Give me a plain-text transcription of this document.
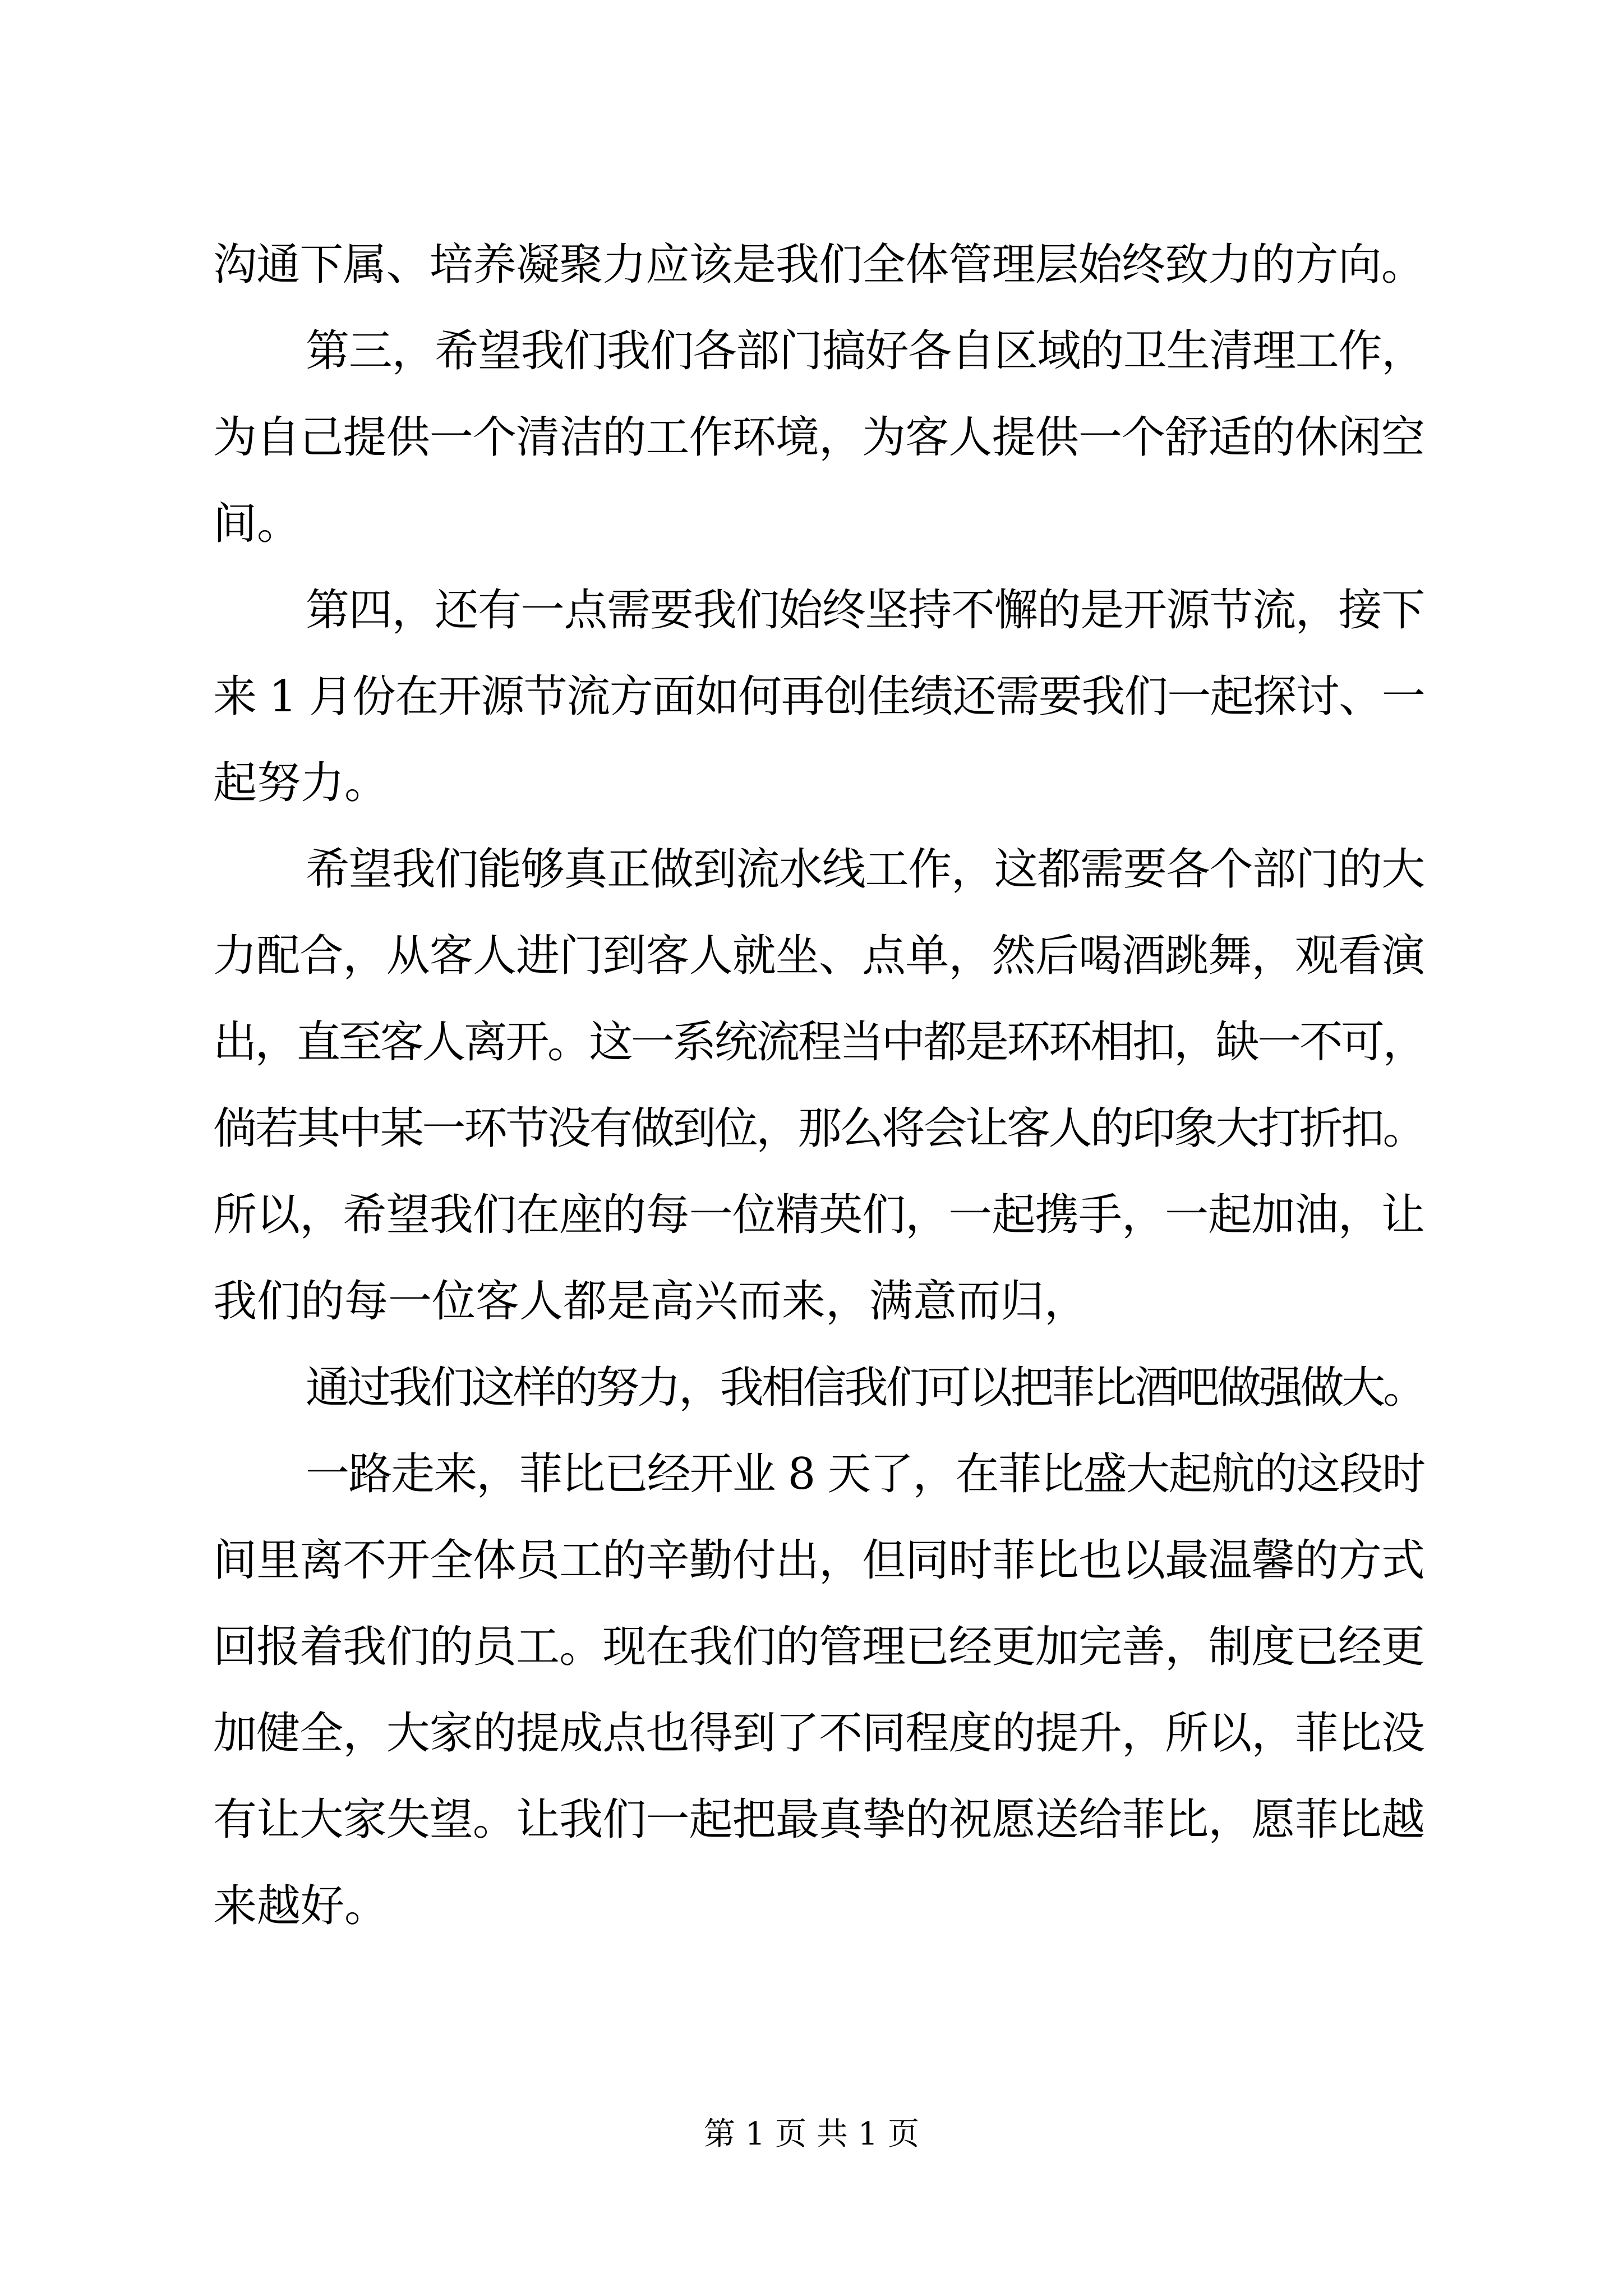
沟通下属、培养凝聚力应该是我们全体管理层始终致力的方向。
第三，希望我们我们各部门搞好各自区域的卫生清理工作，
为自己提供一个清洁的工作环境，为客人提供一个舒适的休闲空
间。
第四，还有一点需要我们始终坚持不懈的是开源节流，接下
来 1 月份在开源节流方面如何再创佳绩还需要我们一起探讨、一
起努力。
希望我们能够真正做到流水线工作，这都需要各个部门的大
力配合，从客人进门到客人就坐、点单，然后喝酒跳舞，观看演
出，直至客人离开。这一系统流程当中都是环环相扣，缺一不可，
倘若其中某一环节没有做到位，那么将会让客人的印象大打折扣。
所以，希望我们在座的每一位精英们，一起携手，一起加油，让
我们的每一位客人都是高兴而来，满意而归，
通过我们这样的努力，我相信我们可以把菲比酒吧做强做大。
一路走来，菲比已经开业 8 天了，在菲比盛大起航的这段时
间里离不开全体员工的辛勤付出，但同时菲比也以最温馨的方式
回报着我们的员工。现在我们的管理已经更加完善，制度已经更
加健全，大家的提成点也得到了不同程度的提升，所以，菲比没
有让大家失望。让我们一起把最真挚的祝愿送给菲比，愿菲比越
来越好。
第 1 页 共 1 页
